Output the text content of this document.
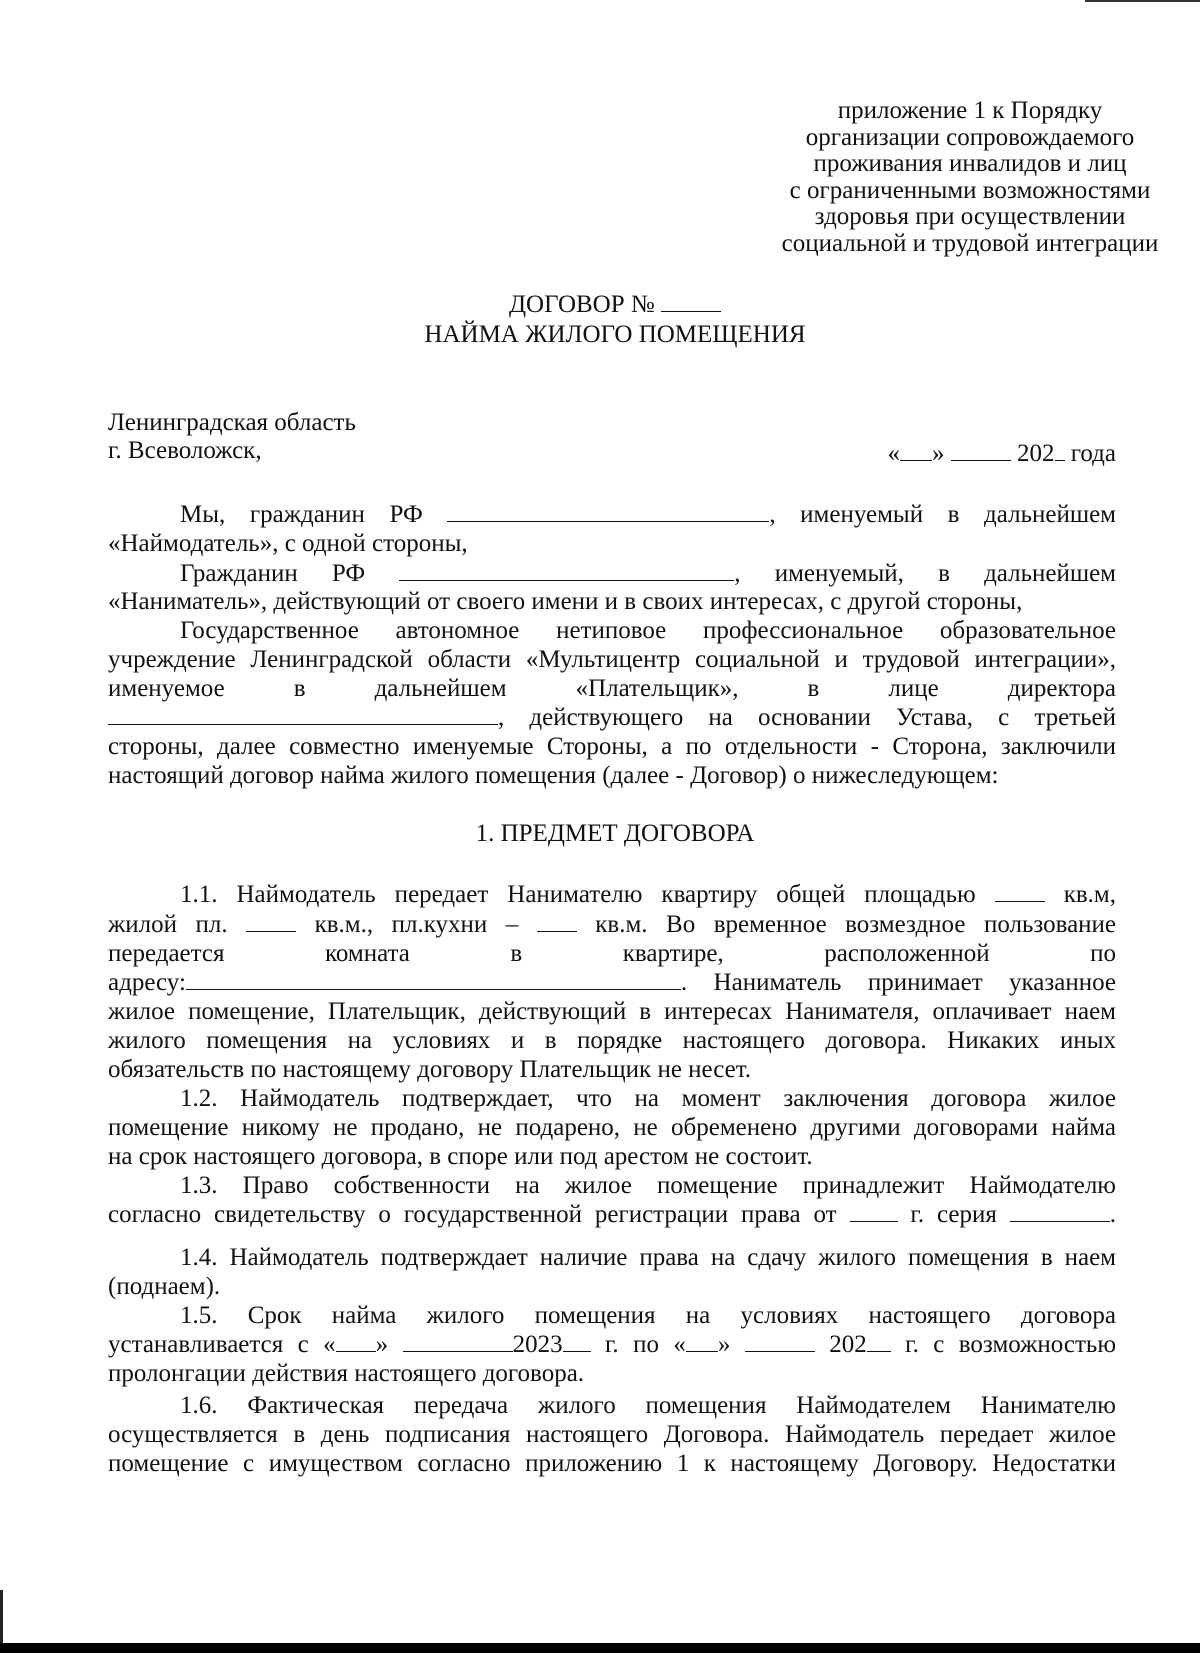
приложение 1 к Порядку
организации сопровождаемого
проживания инвалидов и лиц
с ограниченными возможностями
здоровья при осуществлении
социальной и трудовой интеграции
ДОГОВОР №
НАЙМА ЖИЛОГО ПОМЕЩЕНИЯ
Ленинградская область
г. Всеволожск,	« »	202 года
Мы, гражданин РФ	, именуемый в дальнейшем
«Наймодатель», с одной стороны,
Гражданин РФ	, именуемый, в дальнейшем
«Наниматель», действующий от своего имени и в своих интересах, с другой стороны,
Государственное автономное нетиповое профессиональное образовательное
учреждение Ленинградской области «Мультицентр социальной и трудовой интеграции»,
именуемое в дальнейшем «Плательщик», в лице директора
, действующего на основании Устава, с третьей
стороны, далее совместно именуемые Стороны, а по отдельности - Сторона, заключили
настоящий договор найма жилого помещения (далее - Договор) о нижеследующем:
1. ПРЕДМЕТ ДОГОВОРА
1.1. Наймодатель передает Нанимателю квартиру общей площадью	кв.м,
жилой пл.	кв.м., пл.кухни –	кв.м. Во временное возмездное пользование
передается комната в квартире, расположенной по
адресу:	. Наниматель принимает указанное
жилое помещение, Плательщик, действующий в интересах Нанимателя, оплачивает наем
жилого помещения на условиях и в порядке настоящего договора. Никаких иных
обязательств по настоящему договору Плательщик не несет.
1.2. Наймодатель подтверждает, что на момент заключения договора жилое
помещение никому не продано, не подарено, не обременено другими договорами найма
на срок настоящего договора, в споре или под арестом не состоит.
1.3. Право собственности на жилое помещение принадлежит Наймодателю
согласно свидетельству о государственной регистрации права от	г. серия	.
1.4. Наймодатель подтверждает наличие права на сдачу жилого помещения в наем
(поднаем).
1.5. Срок найма жилого помещения на условиях настоящего договора
устанавливается с « »	2023 г. по « »	202 г. с возможностью
пролонгации действия настоящего договора.
1.6. Фактическая передача жилого помещения Наймодателем Нанимателю
осуществляется в день подписания настоящего Договора. Наймодатель передает жилое
помещение с имуществом согласно приложению 1 к настоящему Договору. Недостатки
